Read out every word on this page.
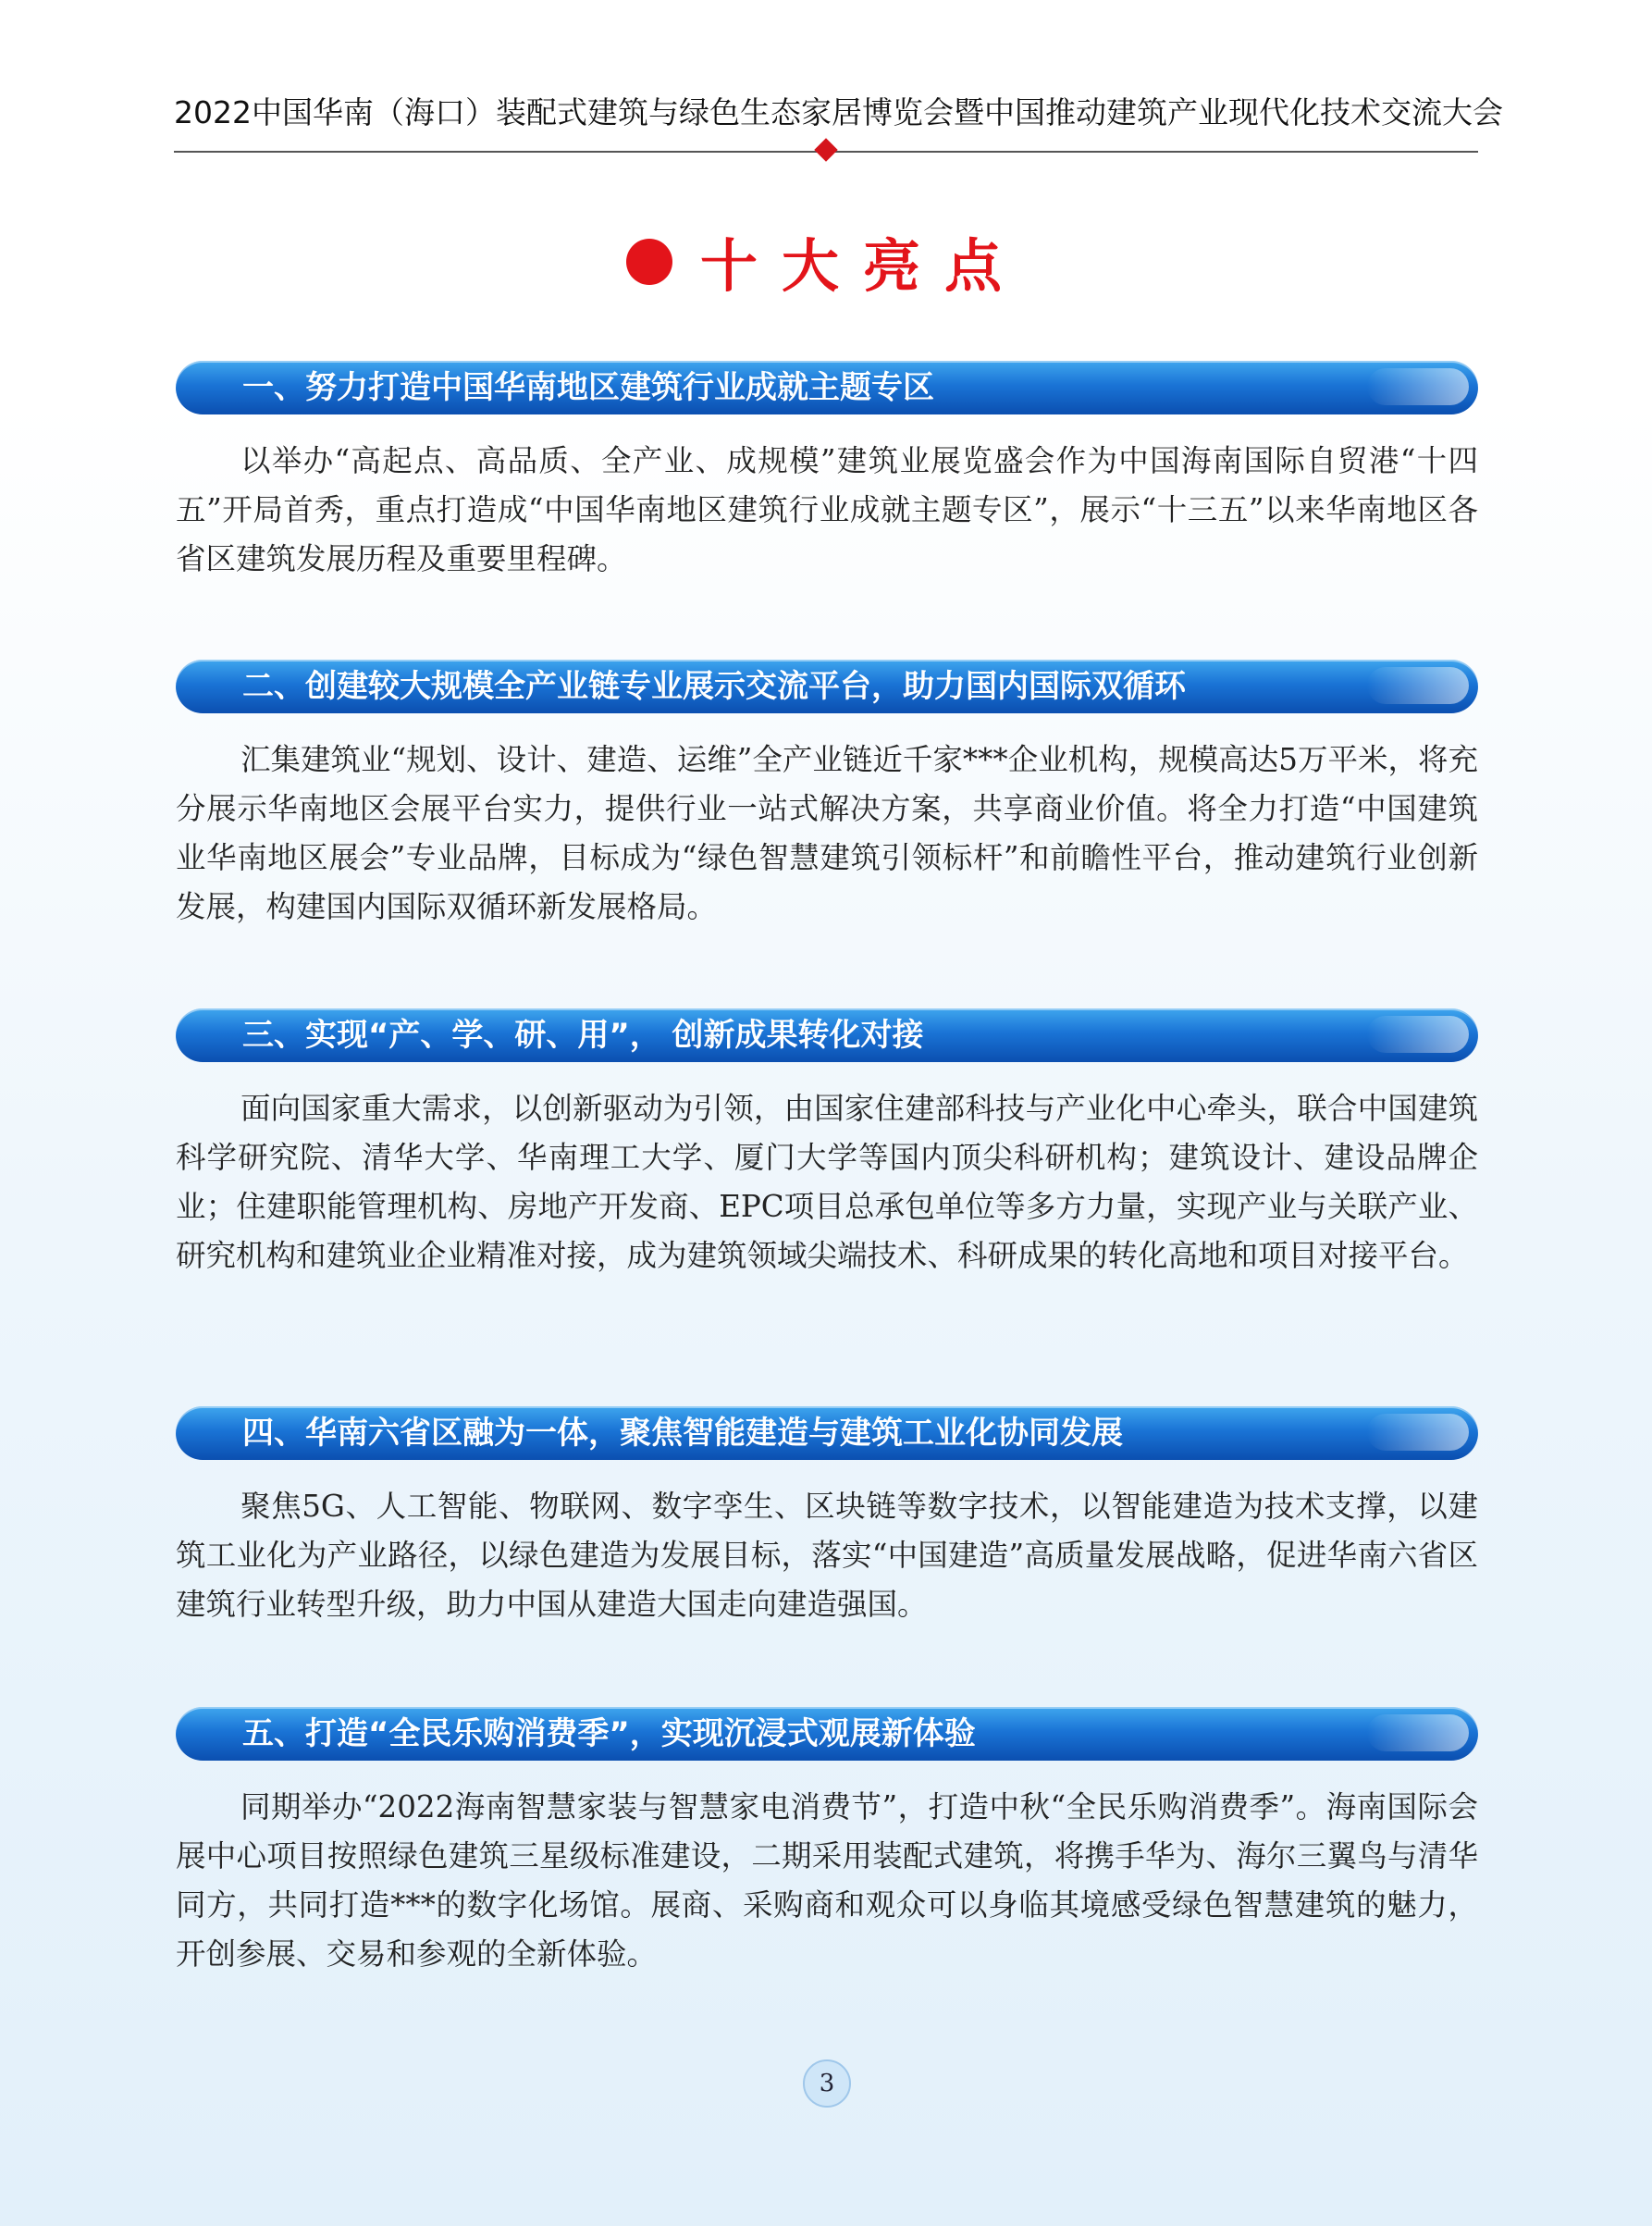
2022中国华南（海口）装配式建筑与绿色生态家居博览会暨中国推动建筑产业现代化技术交流大会
十大亮点
一、努力打造中国华南地区建筑行业成就主题专区
以举办“高起点、高品质、全产业、成规模”建筑业展览盛会作为中国海南国际自贸港“十四五”开局首秀，重点打造成“中国华南地区建筑行业成就主题专区”，展示“十三五”以来华南地区各省区建筑发展历程及重要里程碑。
二、创建较大规模全产业链专业展示交流平台，助力国内国际双循环
汇集建筑业“规划、设计、建造、运维”全产业链近千家***企业机构，规模高达5万平米，将充分展示华南地区会展平台实力，提供行业一站式解决方案，共享商业价值。将全力打造“中国建筑业华南地区展会”专业品牌，目标成为“绿色智慧建筑引领标杆”和前瞻性平台，推动建筑行业创新发展，构建国内国际双循环新发展格局。
三、实现“产、学、研、用”， 创新成果转化对接
面向国家重大需求，以创新驱动为引领，由国家住建部科技与产业化中心牵头，联合中国建筑科学研究院、清华大学、华南理工大学、厦门大学等国内顶尖科研机构；建筑设计、建设品牌企业；住建职能管理机构、房地产开发商、EPC项目总承包单位等多方力量，实现产业与关联产业、研究机构和建筑业企业精准对接，成为建筑领域尖端技术、科研成果的转化高地和项目对接平台。
四、华南六省区融为一体，聚焦智能建造与建筑工业化协同发展
聚焦5G、人工智能、物联网、数字孪生、区块链等数字技术，以智能建造为技术支撑，以建筑工业化为产业路径，以绿色建造为发展目标，落实“中国建造”高质量发展战略，促进华南六省区建筑行业转型升级，助力中国从建造大国走向建造强国。
五、打造“全民乐购消费季”，实现沉浸式观展新体验
同期举办“2022海南智慧家装与智慧家电消费节”，打造中秋“全民乐购消费季”。海南国际会展中心项目按照绿色建筑三星级标准建设，二期采用装配式建筑，将携手华为、海尔三翼鸟与清华同方，共同打造***的数字化场馆。展商、采购商和观众可以身临其境感受绿色智慧建筑的魅力，开创参展、交易和参观的全新体验。
3
